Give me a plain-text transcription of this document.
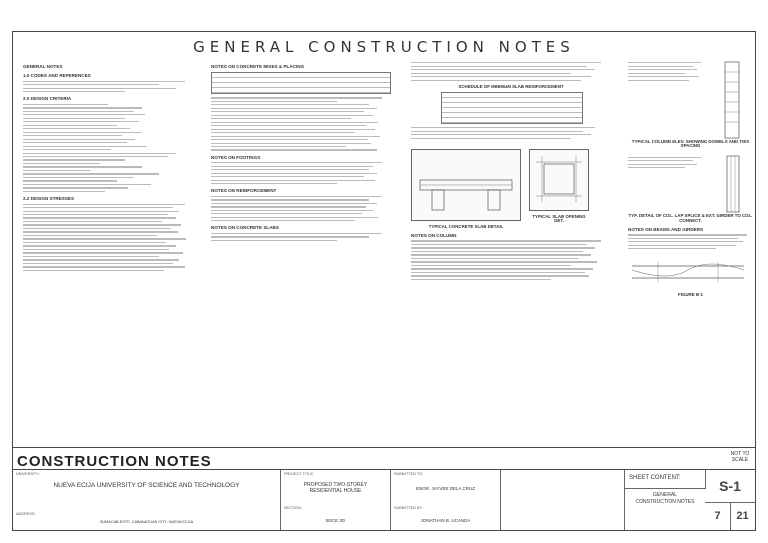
GENERAL CONSTRUCTION NOTES
GENERAL NOTES
1.0 CODES AND REFERENCES
2.0 DESIGN CRITERIA
2.2 DESIGN STRESSES
NOTES ON CONCRETE MIXES & PLACING
NOTES ON FOOTINGS
NOTES ON REINFORCEMENT
NOTES ON CONCRETE SLABS
SCHEDULE OF MINIMUM SLAB REINFORCEMENT
TYPICAL CONCRETE SLAB DETAIL
TYPICAL SLAB OPENING DET.
NOTES ON COLUMN
TYPICAL COLUMN ELEV. SHOWING DOWELS AND TIES SPACING
TYP. DETAIL OF COL. LAP SPLICE & EXT. GIRDER TO COL. CONNECT.
NOTES ON BEAMS AND GIRDERS
FIGURE B-1
CONSTRUCTION NOTES	NOT TO SCALE
UNIVERSITY:
NUEVA ECIJA UNIVERSITY OF SCIENCE AND TECHNOLOGY
ADDRESS:
SUMACAB ESTE, CABANATUAN CITY, NUEVA ECIJA
PROJECT TITLE:
PROPOSED TWO-STOREY RESIDENTIAL HOUSE
SECTION:
BSCE 3D
SUBMITTED TO:
ENGR. JAYVEE DELA CRUZ
SUBMITTED BY:
JONATHAN B. UCANDA
SHEET CONTENT:	S-1
GENERAL CONSTRUCTION NOTES
7	21
